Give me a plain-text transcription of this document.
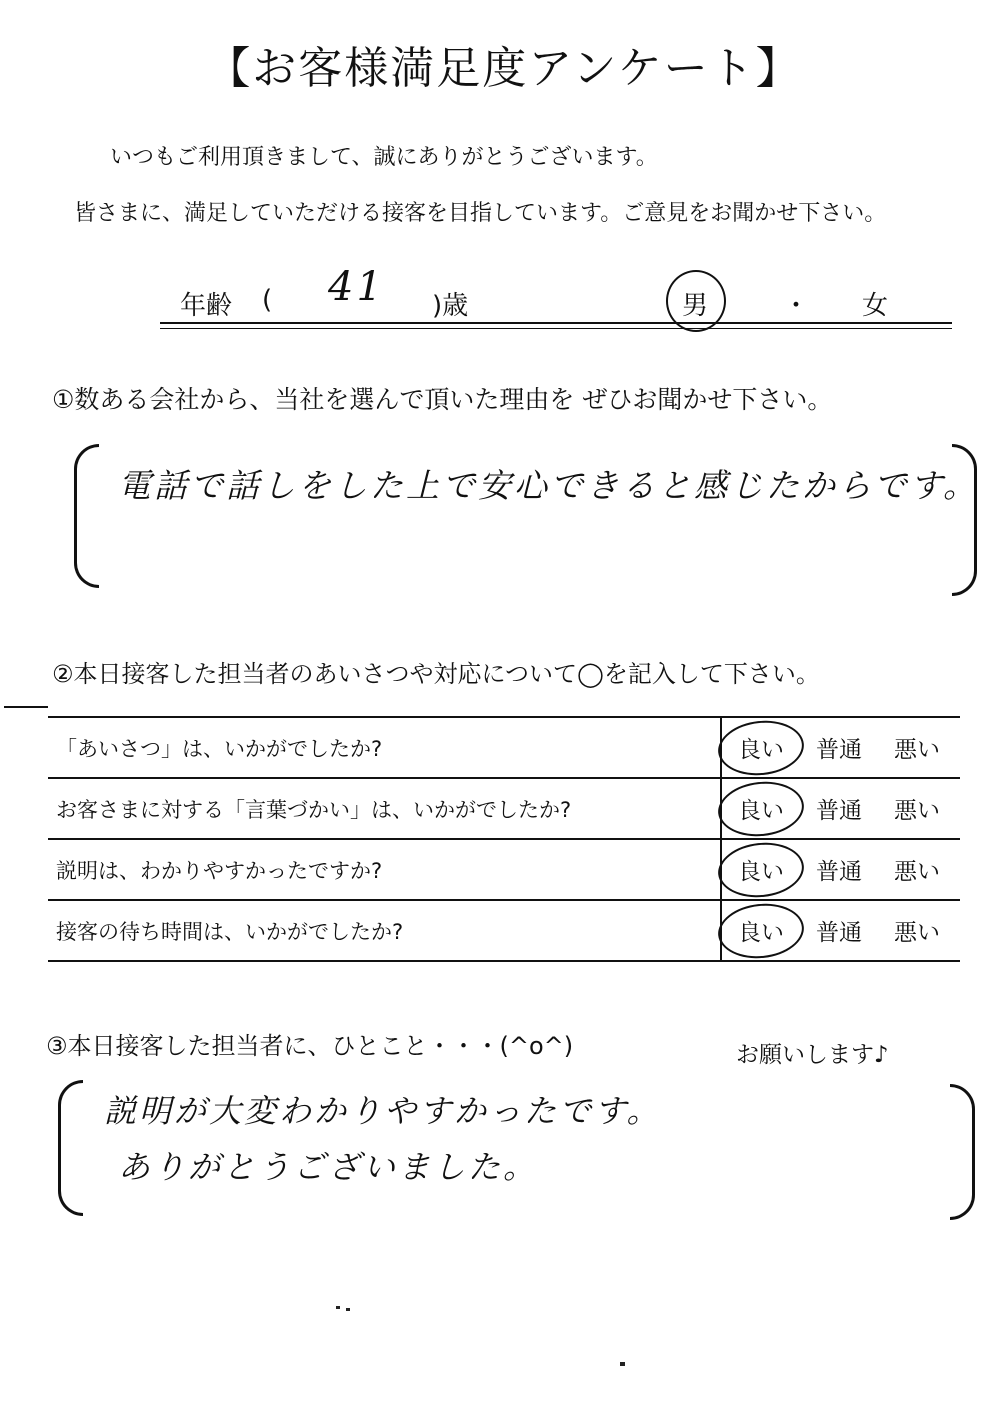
【お客様満足度アンケート】
いつもご利用頂きまして、誠にありがとうございます。
皆さまに、満足していただける接客を目指しています。ご意見をお聞かせ下さい。
年齢 ( 41 )歳	男	・ 女
①数ある会社から、当社を選んで頂いた理由を ぜひお聞かせ下さい。
電話で話しをした上で安心できると感じたからです。
②本日接客した担当者のあいさつや対応について◯を記入して下さい。
「あいさつ」は、いかがでしたか?	良い 普通 悪い
お客さまに対する「言葉づかい」は、いかがでしたか?	良い 普通 悪い
説明は、わかりやすかったですか?	良い 普通 悪い
接客の待ち時間は、いかがでしたか?	良い 普通 悪い
③本日接客した担当者に、ひとこと・・・(^o^)	お願いします♪
説明が大変わかりやすかったです。
ありがとうございました。
